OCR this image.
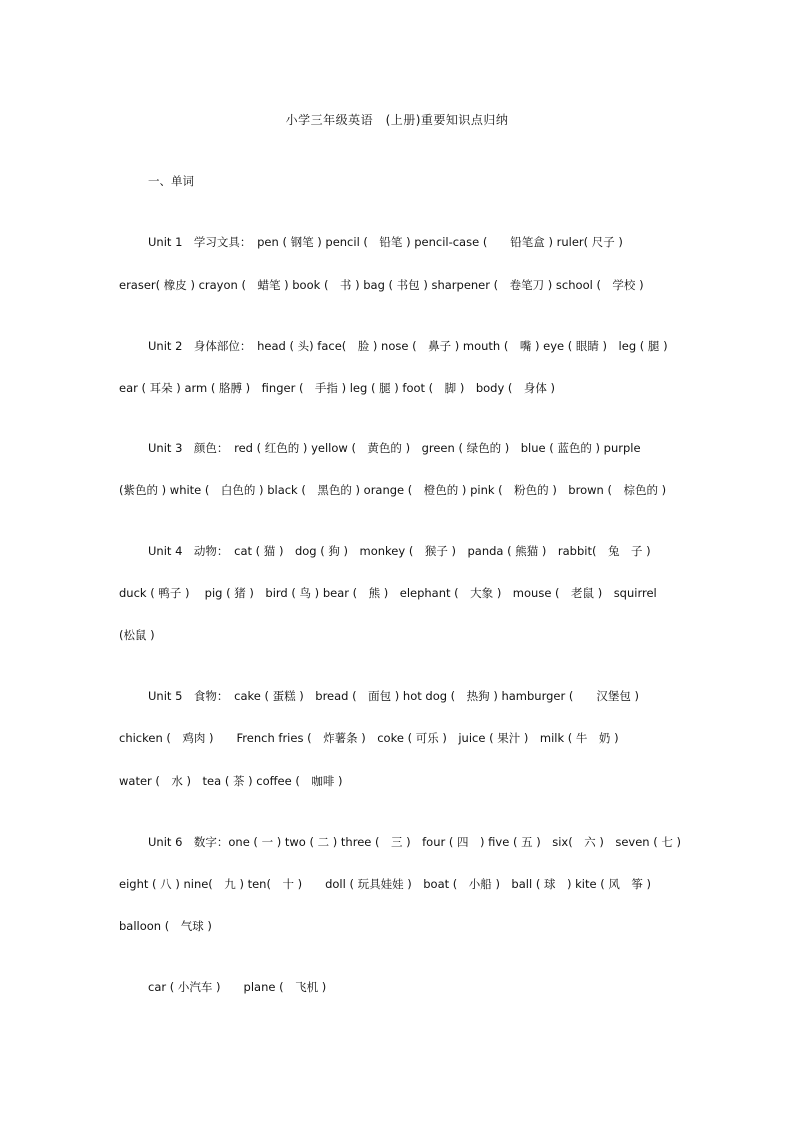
小学三年级英语　(上册)重要知识点归纳
一、单词
Unit 1　学习文具：　pen ( 钢笔 ) pencil (　铅笔 ) pencil-case (　　铅笔盒 ) ruler( 尺子 )
eraser( 橡皮 ) crayon (　蜡笔 ) book (　书 ) bag ( 书包 ) sharpener (　卷笔刀 ) school (　学校 )
Unit 2　身体部位：　head ( 头) face(　脸 ) nose (　鼻子 ) mouth (　嘴 ) eye ( 眼睛 )　leg ( 腿 )
ear ( 耳朵 ) arm ( 胳膊 )　finger (　手指 ) leg ( 腿 ) foot (　脚 )　body (　身体 )
Unit 3　颜色：　red ( 红色的 ) yellow (　黄色的 )　green ( 绿色的 )　blue ( 蓝色的 ) purple
(紫色的 ) white (　白色的 ) black (　黑色的 ) orange (　橙色的 ) pink (　粉色的 )　brown (　棕色的 )
Unit 4　动物：　cat ( 猫 )　dog ( 狗 )　monkey (　猴子 )　panda ( 熊猫 )　rabbit(　兔　子 )
duck ( 鸭子 )　 pig ( 猪 )　bird ( 鸟 ) bear (　熊 )　elephant (　大象 )　mouse (　老鼠 )　squirrel
(松鼠 )
Unit 5　食物：　cake ( 蛋糕 )　bread (　面包 ) hot dog (　热狗 ) hamburger (　　汉堡包 )
chicken (　鸡肉 )　　French fries (　炸薯条 )　coke ( 可乐 )　juice ( 果汁 )　milk ( 牛　奶 )
water (　水 )　tea ( 茶 ) coffee (　咖啡 )
Unit 6　数字：one ( 一 ) two ( 二 ) three (　三 )　four ( 四　) five ( 五 )　six(　六 )　seven ( 七 )
eight ( 八 ) nine(　九 ) ten(　十 )　　doll ( 玩具娃娃 )　boat (　小船 )　ball ( 球　) kite ( 风　筝 )
balloon (　气球 )
car ( 小汽车 )　　plane (　飞机 )
